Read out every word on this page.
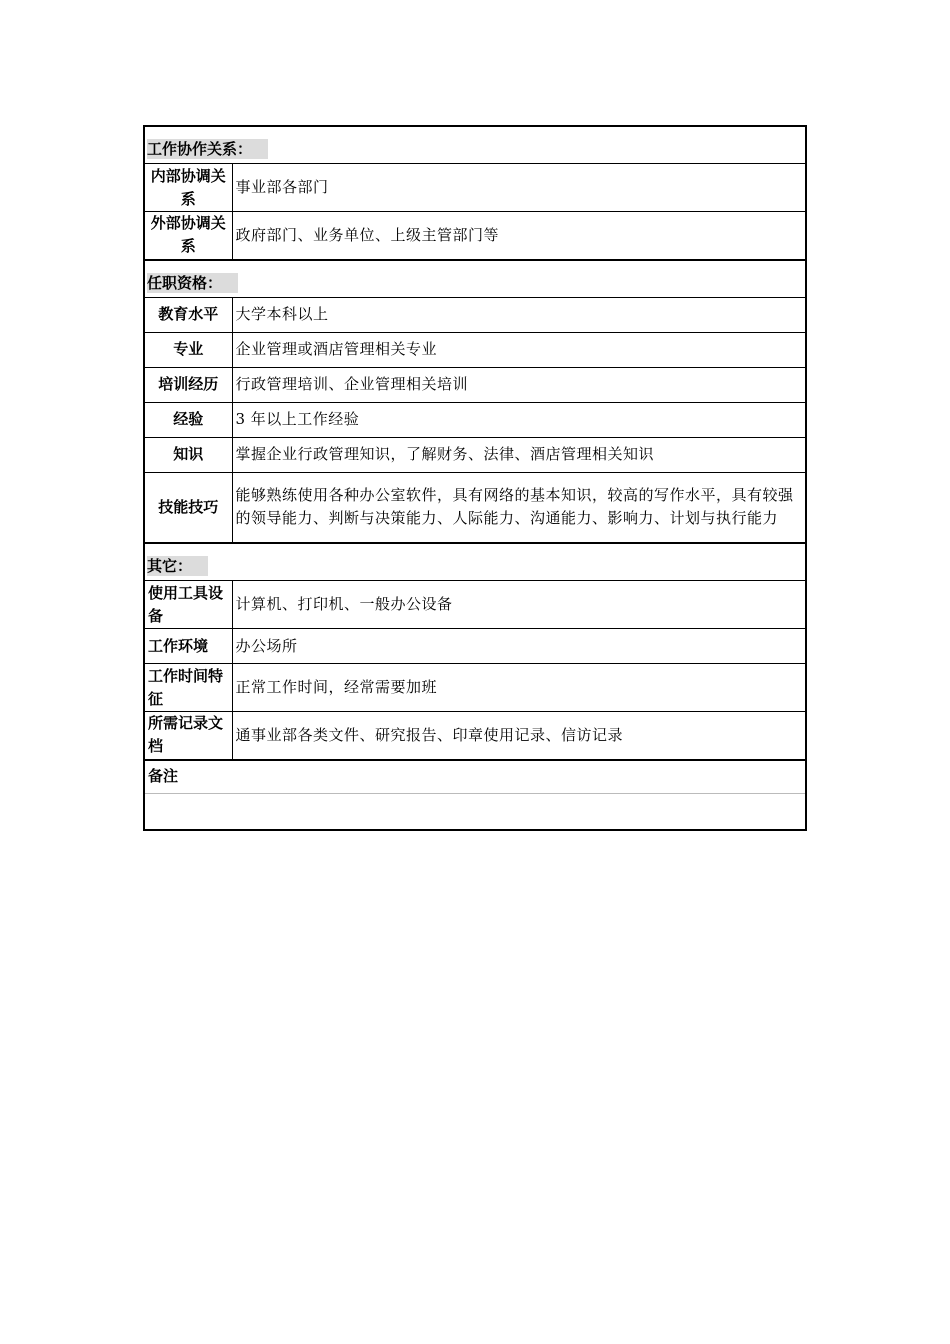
工作协作关系：	
内部协调关系	事业部各部门
外部协调关系	政府部门、业务单位、上级主管部门等
任职资格：	
教育水平	大学本科以上
专业	企业管理或酒店管理相关专业
培训经历	行政管理培训、企业管理相关培训
经验	3 年以上工作经验
知识	掌握企业行政管理知识，了解财务、法律、酒店管理相关知识
技能技巧	能够熟练使用各种办公室软件，具有网络的基本知识，较高的写作水平，具有较强的领导能力、判断与决策能力、人际能力、沟通能力、影响力、计划与执行能力
其它：	
使用工具设备	计算机、打印机、一般办公设备
工作环境	办公场所
工作时间特征	正常工作时间，经常需要加班
所需记录文档	通事业部各类文件、研究报告、印章使用记录、信访记录
备注	
